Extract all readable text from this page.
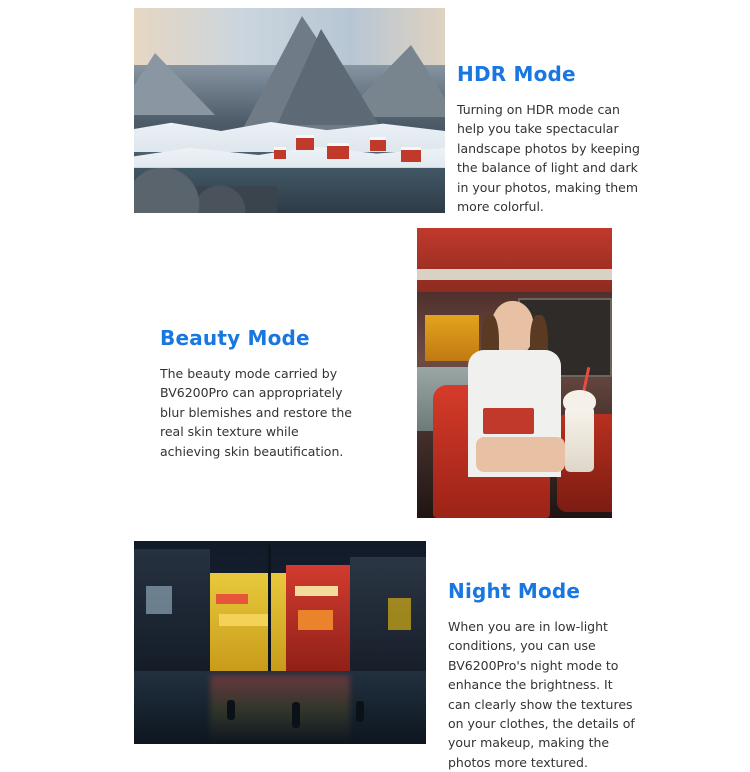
HDR Mode

Turning on HDR mode can help you take spectacular landscape photos by keeping the balance of light and dark in your photos, making them more colorful.

Beauty Mode

The beauty mode carried by BV6200Pro can appropriately blur blemishes and restore the real skin texture while achieving skin beautification.

Night Mode

When you are in low-light conditions, you can use BV6200Pro's night mode to enhance the brightness. It can clearly show the textures on your clothes, the details of your makeup, making the photos more textured.
